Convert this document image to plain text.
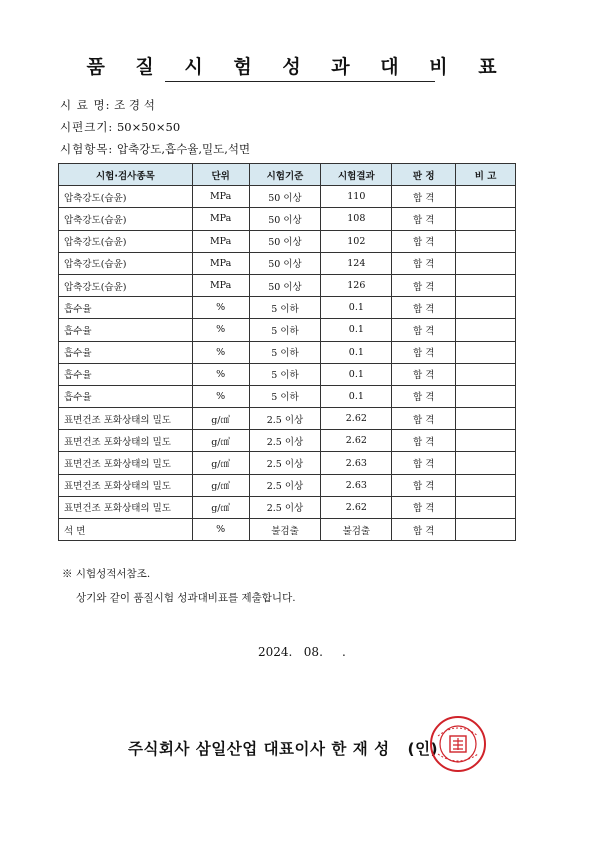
품 질 시 험 성 과 대 비 표
시 료 명: 조 경 석
시편크기: 50×50×50
시험항목: 압축강도,흡수율,밀도,석면
시험·검사종목	단위	시험기준	시험결과	판 정	비 고
압축강도(습윤)	MPa	50 이상	110	합 격	
압축강도(습윤)	MPa	50 이상	108	합 격	
압축강도(습윤)	MPa	50 이상	102	합 격	
압축강도(습윤)	MPa	50 이상	124	합 격	
압축강도(습윤)	MPa	50 이상	126	합 격	
흡수율	%	5 이하	0.1	합 격	
흡수율	%	5 이하	0.1	합 격	
흡수율	%	5 이하	0.1	합 격	
흡수율	%	5 이하	0.1	합 격	
흡수율	%	5 이하	0.1	합 격	
표면건조 포화상태의 밀도	g/㎤	2.5 이상	2.62	합 격	
표면건조 포화상태의 밀도	g/㎤	2.5 이상	2.62	합 격	
표면건조 포화상태의 밀도	g/㎤	2.5 이상	2.63	합 격	
표면건조 포화상태의 밀도	g/㎤	2.5 이상	2.63	합 격	
표면건조 포화상태의 밀도	g/㎤	2.5 이상	2.62	합 격	
석 면	%	불검출	불검출	합 격	
※ 시험성적서참조.
상기와 같이 품질시험 성과대비표를 제출합니다.
2024.   08.     .
주식회사 삼일산업 대표이사 한 재 성 (인)
